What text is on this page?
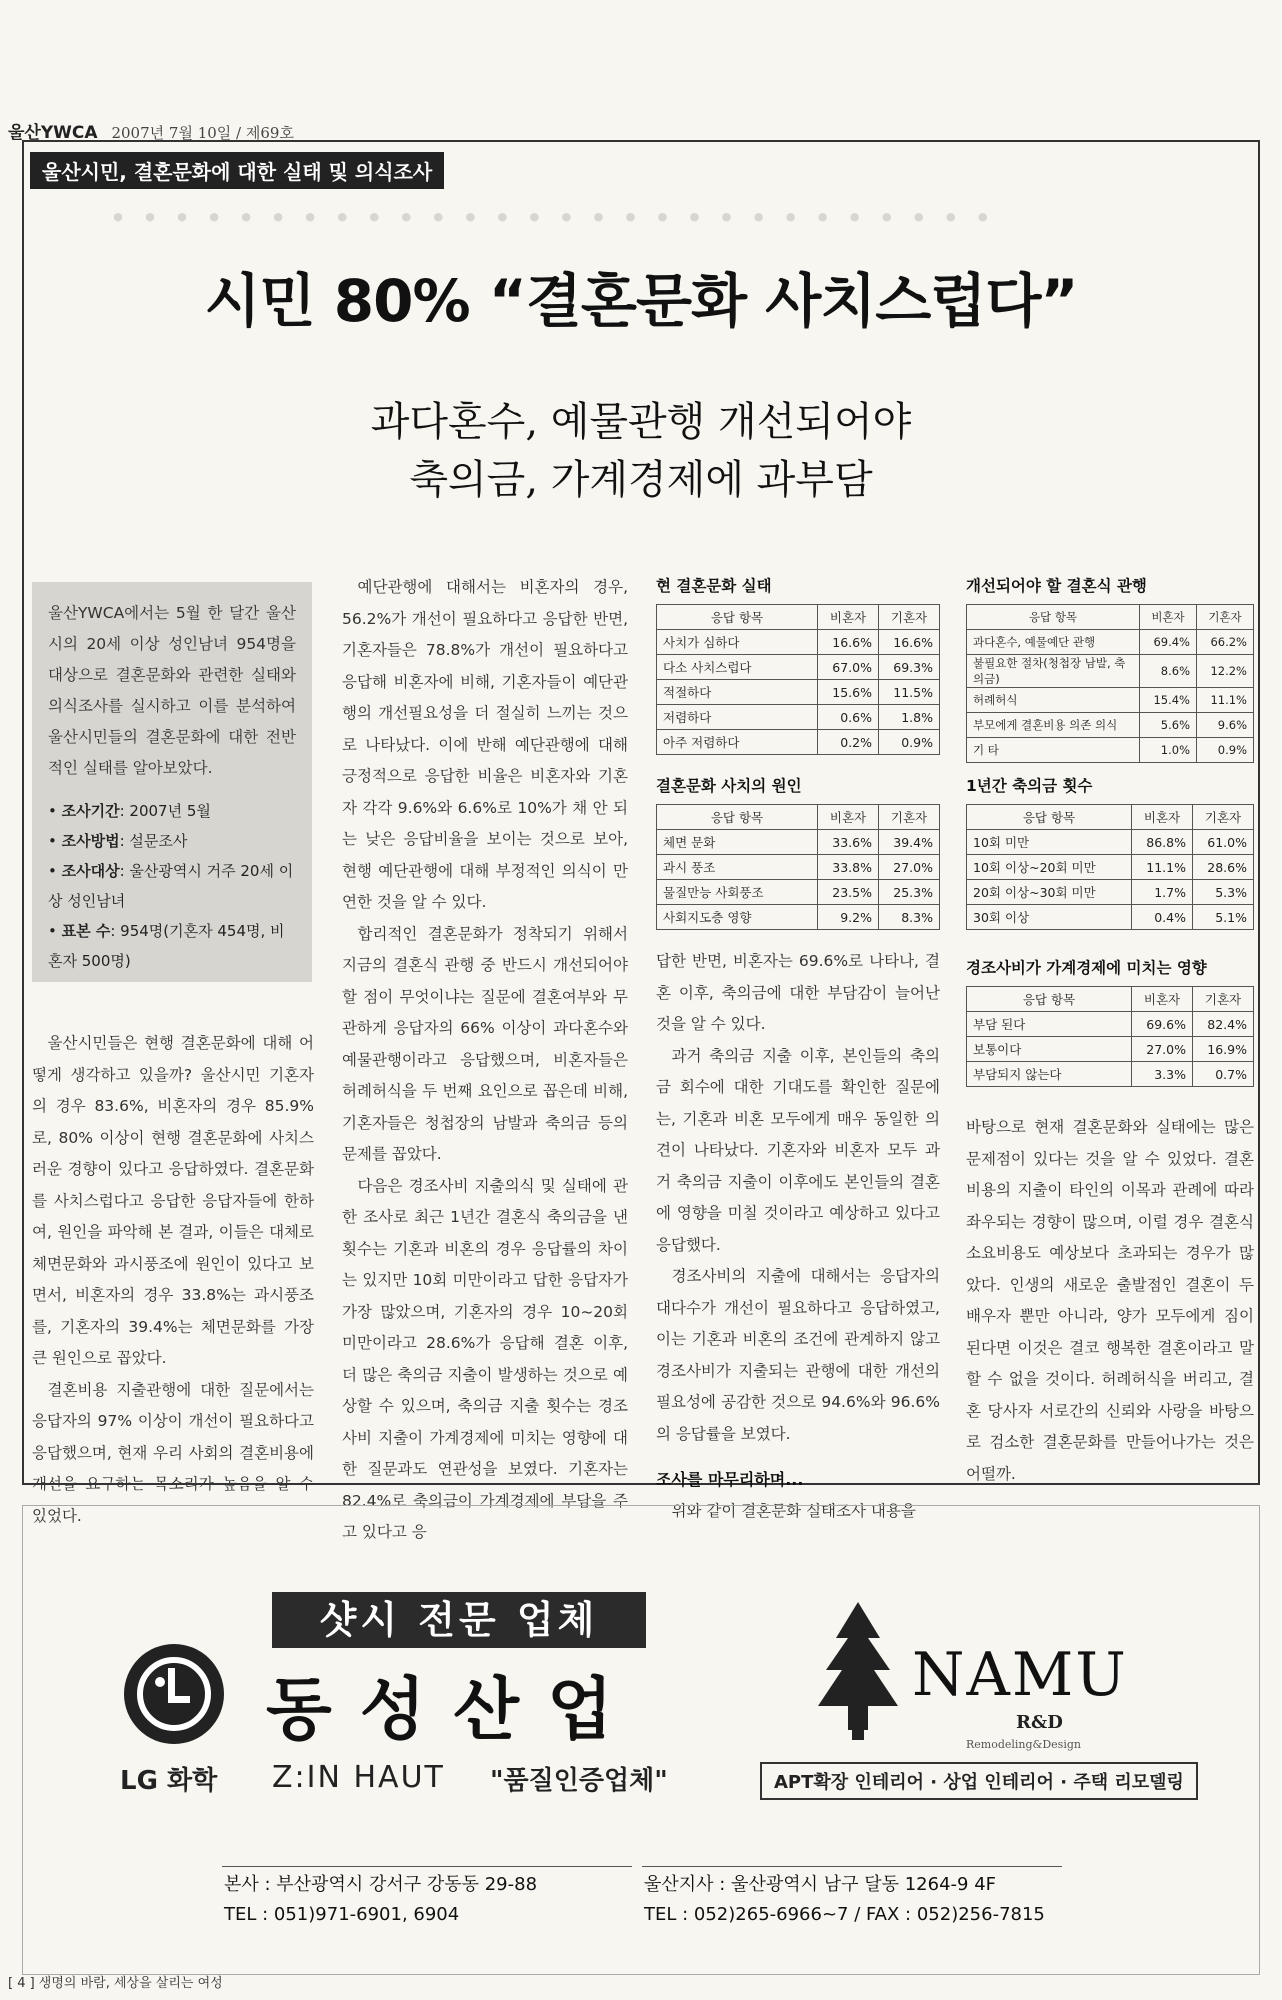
울산YWCA 2007년 7월 10일 / 제69호
· · · · · · · · · · · · · · · · · · · · · · · · · · · ·
울산시민, 결혼문화에 대한 실태 및 의식조사
시민 80% “결혼문화 사치스럽다”
과다혼수, 예물관행 개선되어야
축의금, 가계경제에 과부담

울산YWCA에서는 5월 한 달간 울산시의 20세 이상 성인남녀 954명을 대상으로 결혼문화와 관련한 실태와 의식조사를 실시하고 이를 분석하여 울산시민들의 결혼문화에 대한 전반적인 실태를 알아보았다.

• 조사기간: 2007년 5월
• 조사방법: 설문조사
• 조사대상: 울산광역시 거주 20세 이상 성인남녀
• 표본 수: 954명(기혼자 454명, 비혼자 500명)

울산시민들은 현행 결혼문화에 대해 어떻게 생각하고 있을까? 울산시민 기혼자의 경우 83.6%, 비혼자의 경우 85.9%로, 80% 이상이 현행 결혼문화에 사치스러운 경향이 있다고 응답하였다. 결혼문화를 사치스럽다고 응답한 응답자들에 한하여, 원인을 파악해 본 결과, 이들은 대체로 체면문화와 과시풍조에 원인이 있다고 보면서, 비혼자의 경우 33.8%는 과시풍조를, 기혼자의 39.4%는 체면문화를 가장 큰 원인으로 꼽았다.

결혼비용 지출관행에 대한 질문에서는 응답자의 97% 이상이 개선이 필요하다고 응답했으며, 현재 우리 사회의 결혼비용에 개선을 요구하는 목소리가 높음을 알 수 있었다.

예단관행에 대해서는 비혼자의 경우, 56.2%가 개선이 필요하다고 응답한 반면, 기혼자들은 78.8%가 개선이 필요하다고 응답해 비혼자에 비해, 기혼자들이 예단관행의 개선필요성을 더 절실히 느끼는 것으로 나타났다. 이에 반해 예단관행에 대해 긍정적으로 응답한 비율은 비혼자와 기혼자 각각 9.6%와 6.6%로 10%가 채 안 되는 낮은 응답비율을 보이는 것으로 보아, 현행 예단관행에 대해 부정적인 의식이 만연한 것을 알 수 있다.

합리적인 결혼문화가 정착되기 위해서 지금의 결혼식 관행 중 반드시 개선되어야 할 점이 무엇이냐는 질문에 결혼여부와 무관하게 응답자의 66% 이상이 과다혼수와 예물관행이라고 응답했으며, 비혼자들은 허례허식을 두 번째 요인으로 꼽은데 비해, 기혼자들은 청첩장의 남발과 축의금 등의 문제를 꼽았다.

다음은 경조사비 지출의식 및 실태에 관한 조사로 최근 1년간 결혼식 축의금을 낸 횟수는 기혼과 비혼의 경우 응답률의 차이는 있지만 10회 미만이라고 답한 응답자가 가장 많았으며, 기혼자의 경우 10~20회 미만이라고 28.6%가 응답해 결혼 이후, 더 많은 축의금 지출이 발생하는 것으로 예상할 수 있으며, 축의금 지출 횟수는 경조사비 지출이 가계경제에 미치는 영향에 대한 질문과도 연관성을 보였다. 기혼자는 82.4%로 축의금이 가계경제에 부담을 주고 있다고 응

현 결혼문화 실태
응답 항목	비혼자	기혼자
사치가 심하다	16.6%	16.6%
다소 사치스럽다	67.0%	69.3%
적절하다	15.6%	11.5%
저렴하다	0.6%	1.8%
아주 저렴하다	0.2%	0.9%
개선되어야 할 결혼식 관행
응답 항목	비혼자	기혼자
과다혼수, 예물예단 관행	69.4%	66.2%
불필요한 절차(청첩장 남발, 축의금)	8.6%	12.2%
허례허식	15.4%	11.1%
부모에게 결혼비용 의존 의식	5.6%	9.6%
기 타	1.0%	0.9%
결혼문화 사치의 원인
응답 항목	비혼자	기혼자
체면 문화	33.6%	39.4%
과시 풍조	33.8%	27.0%
물질만능 사회풍조	23.5%	25.3%
사회지도층 영향	9.2%	8.3%
1년간 축의금 횟수
응답 항목	비혼자	기혼자
10회 미만	86.8%	61.0%
10회 이상~20회 미만	11.1%	28.6%
20회 이상~30회 미만	1.7%	5.3%
30회 이상	0.4%	5.1%
경조사비가 가계경제에 미치는 영향
응답 항목	비혼자	기혼자
부담 된다	69.6%	82.4%
보통이다	27.0%	16.9%
부담되지 않는다	3.3%	0.7%

답한 반면, 비혼자는 69.6%로 나타나, 결혼 이후, 축의금에 대한 부담감이 늘어난 것을 알 수 있다.

과거 축의금 지출 이후, 본인들의 축의금 회수에 대한 기대도를 확인한 질문에는, 기혼과 비혼 모두에게 매우 동일한 의견이 나타났다. 기혼자와 비혼자 모두 과거 축의금 지출이 이후에도 본인들의 결혼에 영향을 미칠 것이라고 예상하고 있다고 응답했다.

경조사비의 지출에 대해서는 응답자의 대다수가 개선이 필요하다고 응답하였고, 이는 기혼과 비혼의 조건에 관계하지 않고 경조사비가 지출되는 관행에 대한 개선의 필요성에 공감한 것으로 94.6%와 96.6%의 응답률을 보였다.

조사를 마무리하며...

위와 같이 결혼문화 실태조사 내용을

바탕으로 현재 결혼문화와 실태에는 많은 문제점이 있다는 것을 알 수 있었다. 결혼비용의 지출이 타인의 이목과 관례에 따라 좌우되는 경향이 많으며, 이럴 경우 결혼식 소요비용도 예상보다 초과되는 경우가 많았다. 인생의 새로운 출발점인 결혼이 두 배우자 뿐만 아니라, 양가 모두에게 짐이 된다면 이것은 결코 행복한 결혼이라고 말할 수 없을 것이다. 허례허식을 버리고, 결혼 당사자 서로간의 신뢰와 사랑을 바탕으로 검소한 결혼문화를 만들어나가는 것은 어떨까.

LG 화학
샷시 전문 업체
동성산업
Z:IN HAUT "품질인증업체"
NAMU
R&D
Remodeling&Design
APT확장 인테리어 · 상업 인테리어 · 주택 리모델링
본사 : 부산광역시 강서구 강동동 29-88
TEL : 051)971-6901, 6904
울산지사 : 울산광역시 남구 달동 1264-9 4F
TEL : 052)265-6966~7 / FAX : 052)256-7815
[ 4 ] 생명의 바람, 세상을 살리는 여성
